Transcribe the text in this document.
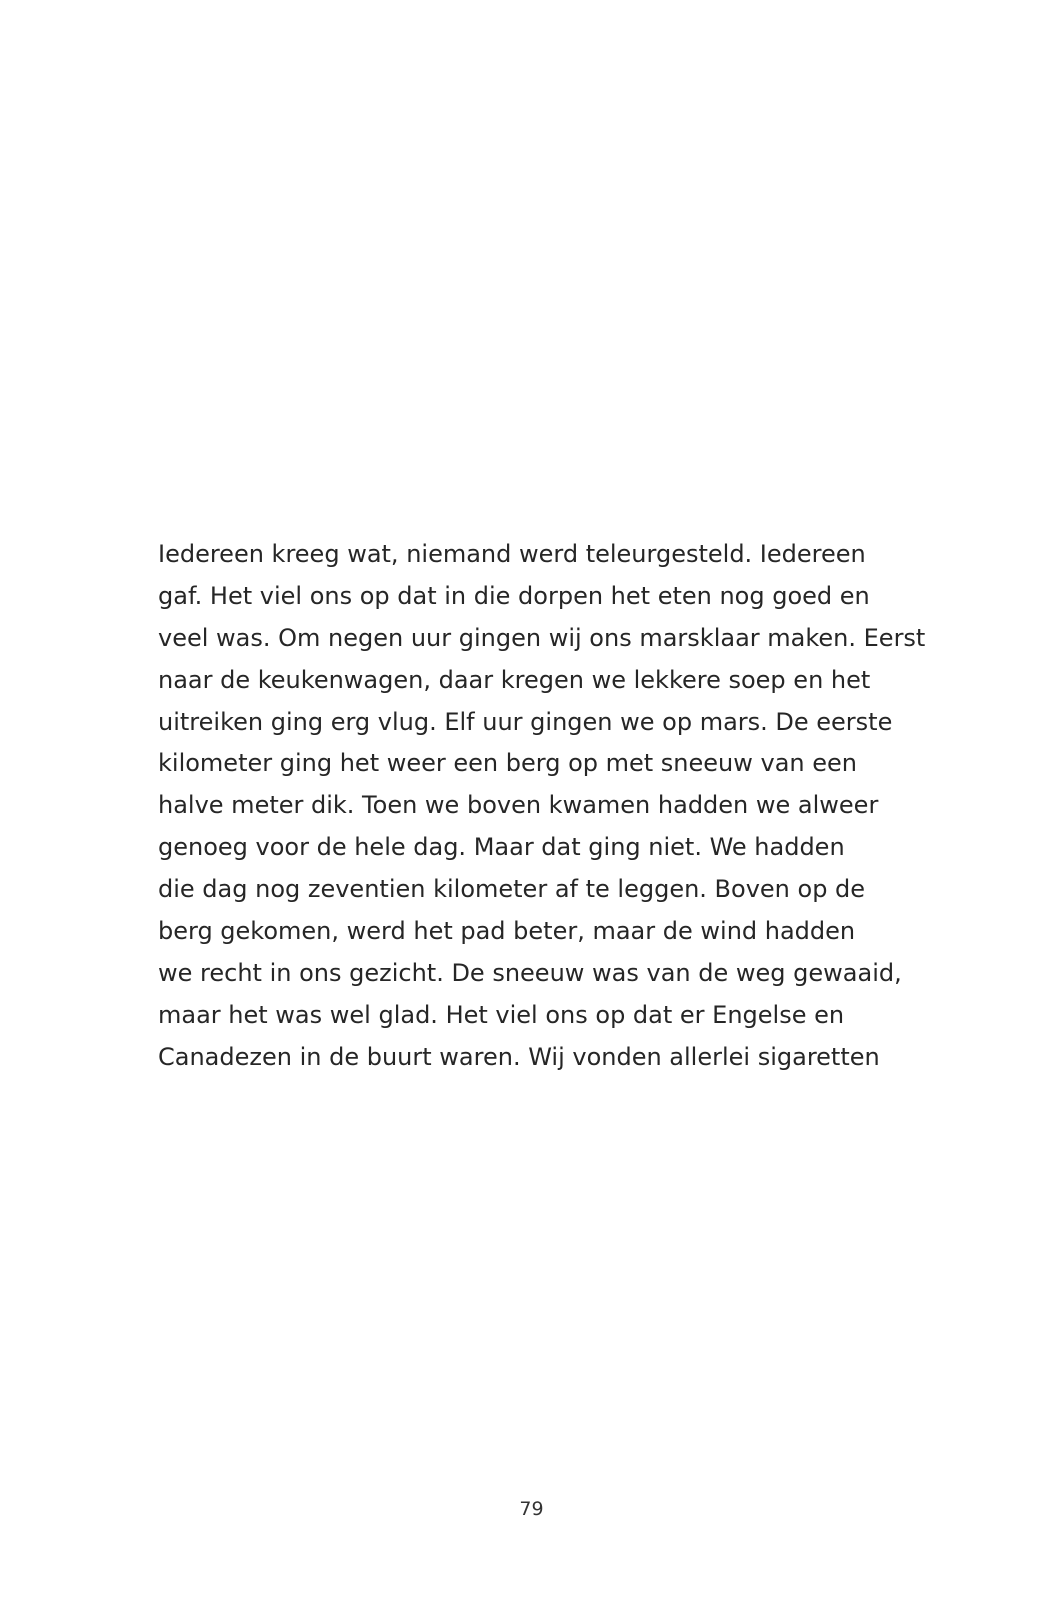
Iedereen kreeg wat, niemand werd teleurgesteld. Iedereen
gaf. Het viel ons op dat in die dorpen het eten nog goed en
veel was. Om negen uur gingen wij ons marsklaar maken. Eerst
naar de keukenwagen, daar kregen we lekkere soep en het
uitreiken ging erg vlug. Elf uur gingen we op mars. De eerste
kilometer ging het weer een berg op met sneeuw van een
halve meter dik. Toen we boven kwamen hadden we alweer
genoeg voor de hele dag. Maar dat ging niet. We hadden
die dag nog zeventien kilometer af te leggen. Boven op de
berg gekomen, werd het pad beter, maar de wind hadden
we recht in ons gezicht. De sneeuw was van de weg gewaaid,
maar het was wel glad. Het viel ons op dat er Engelse en
Canadezen in de buurt waren. Wij vonden allerlei sigaretten
79
